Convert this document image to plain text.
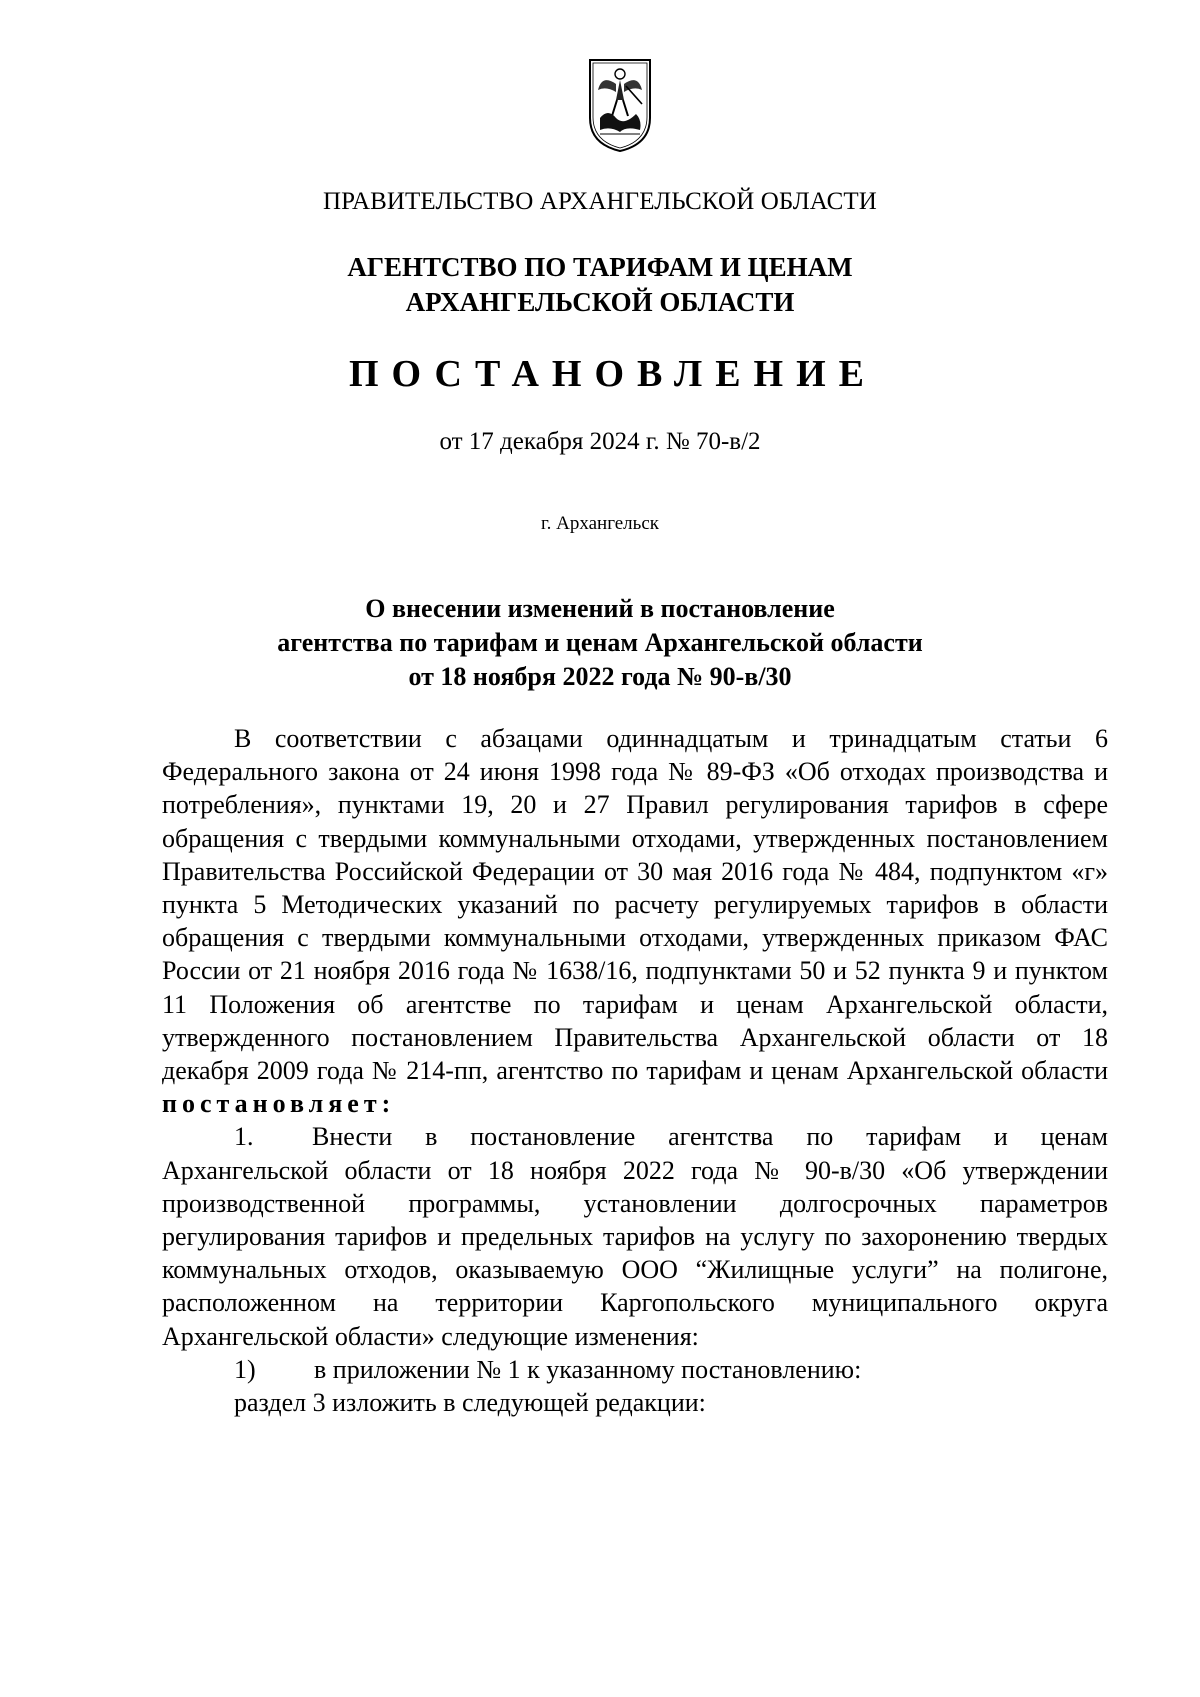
ПРАВИТЕЛЬСТВО АРХАНГЕЛЬСКОЙ ОБЛАСТИ
АГЕНТСТВО ПО ТАРИФАМ И ЦЕНАМ
АРХАНГЕЛЬСКОЙ ОБЛАСТИ
ПОСТАНОВЛЕНИЕ
от 17 декабря 2024 г. № 70-в/2
г. Архангельск
О внесении изменений в постановление
агентства по тарифам и ценам Архангельской области
от 18 ноября 2022 года № 90-в/30
В соответствии с абзацами одиннадцатым и тринадцатым статьи 6 Федерального закона от 24 июня 1998 года № 89-ФЗ «Об отходах производства и потребления», пунктами 19, 20 и 27 Правил регулирования тарифов в сфере обращения с твердыми коммунальными отходами, утвержденных постановлением Правительства Российской Федерации от 30 мая 2016 года № 484, подпунктом «г» пункта 5 Методических указаний по расчету регулируемых тарифов в области обращения с твердыми коммунальными отходами, утвержденных приказом ФАС России от 21 ноября 2016 года № 1638/16, подпунктами 50 и 52 пункта 9 и пунктом 11 Положения об агентстве по тарифам и ценам Архангельской области, утвержденного постановлением Правительства Архангельской области от 18 декабря 2009 года № 214-пп, агентство по тарифам и ценам Архангельской области постановляет:
1.	Внести в постановление агентства по тарифам и ценам
Архангельской области от 18 ноября 2022 года № 90-в/30 «Об утверждении производственной программы, установлении долгосрочных параметров регулирования тарифов и предельных тарифов на услугу по захоронению твердых коммунальных отходов, оказываемую ООО “Жилищные услуги” на полигоне, расположенном на территории Каргопольского муниципального округа Архангельской области» следующие изменения:
1)	в приложении № 1 к указанному постановлению:
раздел 3 изложить в следующей редакции:
